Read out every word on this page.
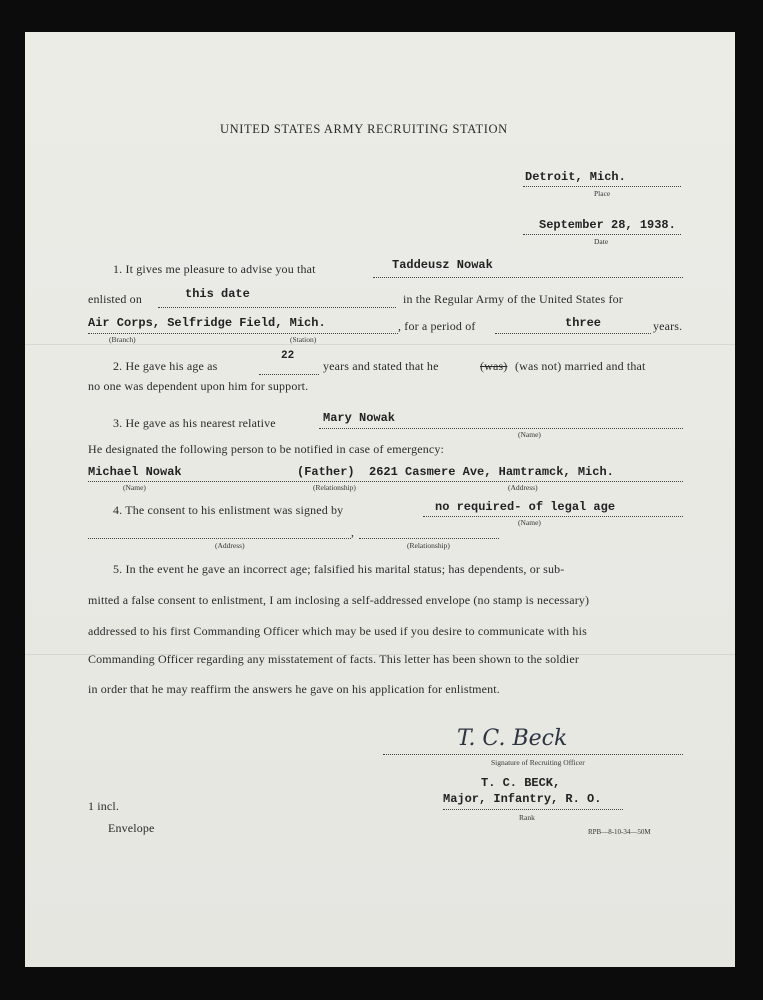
UNITED STATES ARMY RECRUITING STATION
Detroit, Mich.
Place
September 28, 1938.
Date
1. It gives me pleasure to advise you that	Taddeusz Nowak
enlisted on	this date	in the Regular Army of the United States for
Air Corps, Selfridge Field, Mich.	, for a period of	three	years.
(Branch)	(Station)
2. He gave his age as
22
years and stated that he	(was) (was not) married and that
no one was dependent upon him for support.
3. He gave as his nearest relative	Mary Nowak
(Name)
He designated the following person to be notified in case of emergency:
Michael Nowak	(Father) 2621 Casmere Ave, Hamtramck, Mich.
(Name)	(Relationship)	(Address)
4. The consent to his enlistment was signed by	no required- of legal age
(Name)
,
(Address)	(Relationship)
5. In the event he gave an incorrect age; falsified his marital status; has dependents, or sub-
mitted a false consent to enlistment, I am inclosing a self-addressed envelope (no stamp is necessary)
addressed to his first Commanding Officer which may be used if you desire to communicate with his
Commanding Officer regarding any misstatement of facts. This letter has been shown to the soldier
in order that he may reaffirm the answers he gave on his application for enlistment.
T. C. Beck
Signature of Recruiting Officer
T. C. BECK,
Major, Infantry, R. O.
Rank
1 incl.
Envelope	RPB—8-10-34—50M
